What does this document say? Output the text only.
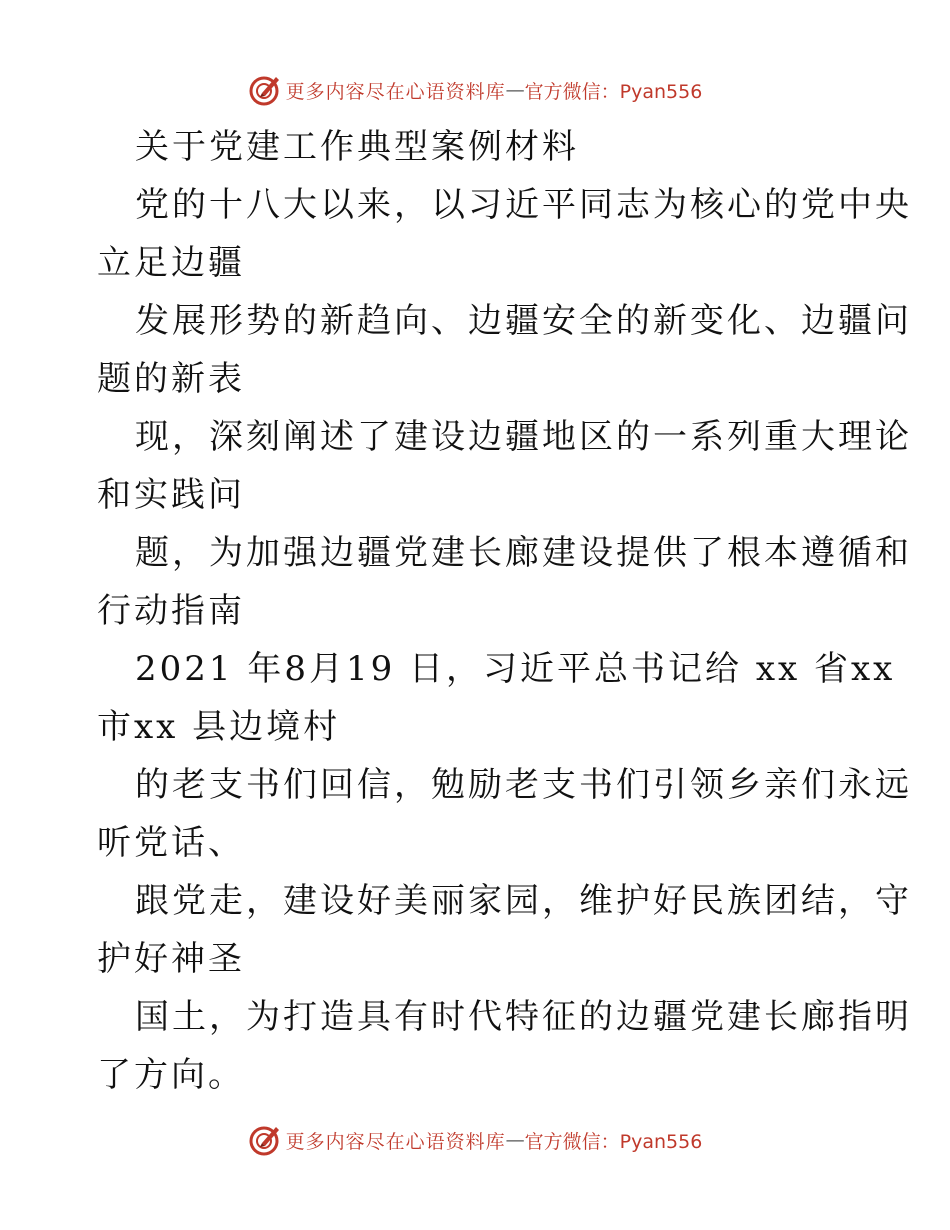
更多内容尽在心语资料库 — 官方微信：Pyan556
关于党建工作典型案例材料
党的十八大以来，以习近平同志为核心的党中央
立足边疆
发展形势的新趋向、边疆安全的新变化、边疆问
题的新表
现，深刻阐述了建设边疆地区的一系列重大理论
和实践问
题，为加强边疆党建长廊建设提供了根本遵循和
行动指南
2021 年8月19 日，习近平总书记给 xx 省xx
市xx 县边境村
的老支书们回信，勉励老支书们引领乡亲们永远
听党话、
跟党走，建设好美丽家园，维护好民族团结，守
护好神圣
国土，为打造具有时代特征的边疆党建长廊指明
了方向。
更多内容尽在心语资料库 — 官方微信：Pyan556
